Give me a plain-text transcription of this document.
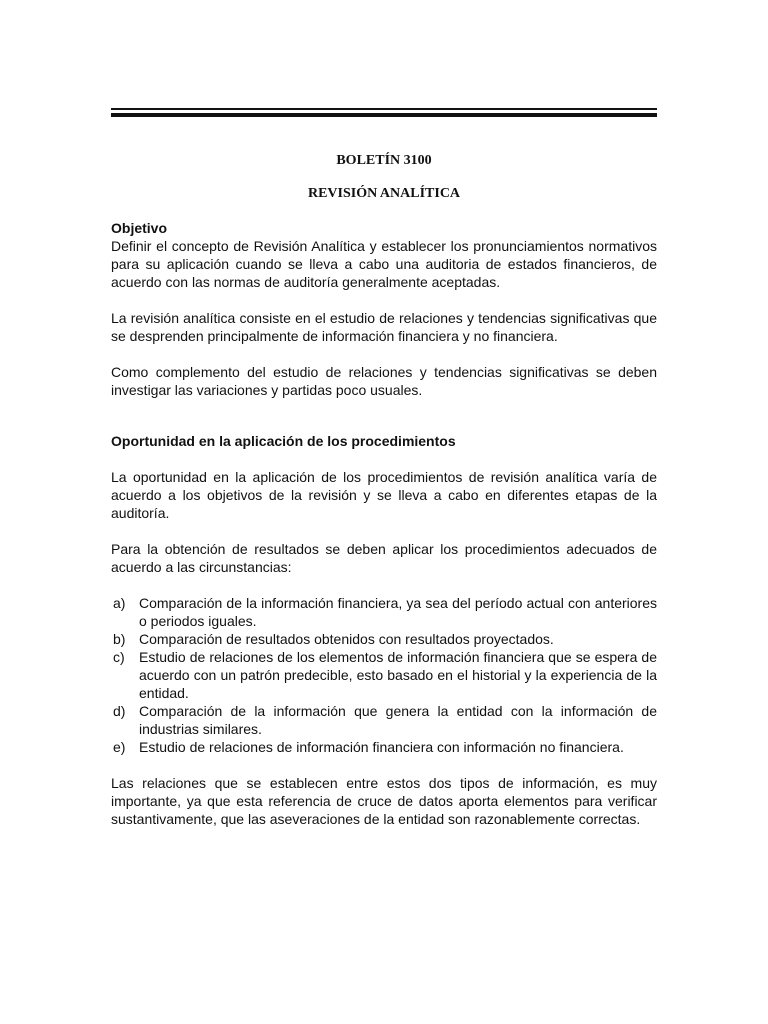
BOLETÍN 3100

REVISIÓN ANALÍTICA

Objetivo

Definir el concepto de Revisión Analítica y establecer los pronunciamientos normativos para su aplicación cuando se lleva a cabo una auditoria de estados financieros, de acuerdo con las normas de auditoría generalmente aceptadas.

La revisión analítica consiste en el estudio de relaciones y tendencias significativas que se desprenden principalmente de información financiera y no financiera.

Como complemento del estudio de relaciones y tendencias significativas se deben investigar las variaciones y partidas poco usuales.

Oportunidad en la aplicación de los procedimientos

La oportunidad en la aplicación de los procedimientos de revisión analítica varía de acuerdo a los objetivos de la revisión y se lleva a cabo en diferentes etapas de la auditoría.

Para la obtención de resultados se deben aplicar los procedimientos adecuados de acuerdo a las circunstancias:

a) Comparación de la información financiera, ya sea del período actual con anteriores o periodos iguales.
b) Comparación de resultados obtenidos con resultados proyectados.
c) Estudio de relaciones de los elementos de información financiera que se espera de acuerdo con un patrón predecible, esto basado en el historial y la experiencia de la entidad.
d) Comparación de la información que genera la entidad con la información de industrias similares.
e) Estudio de relaciones de información financiera con información no financiera.

Las relaciones que se establecen entre estos dos tipos de información, es muy importante, ya que esta referencia de cruce de datos aporta elementos para verificar sustantivamente, que las aseveraciones de la entidad son razonablemente correctas.
